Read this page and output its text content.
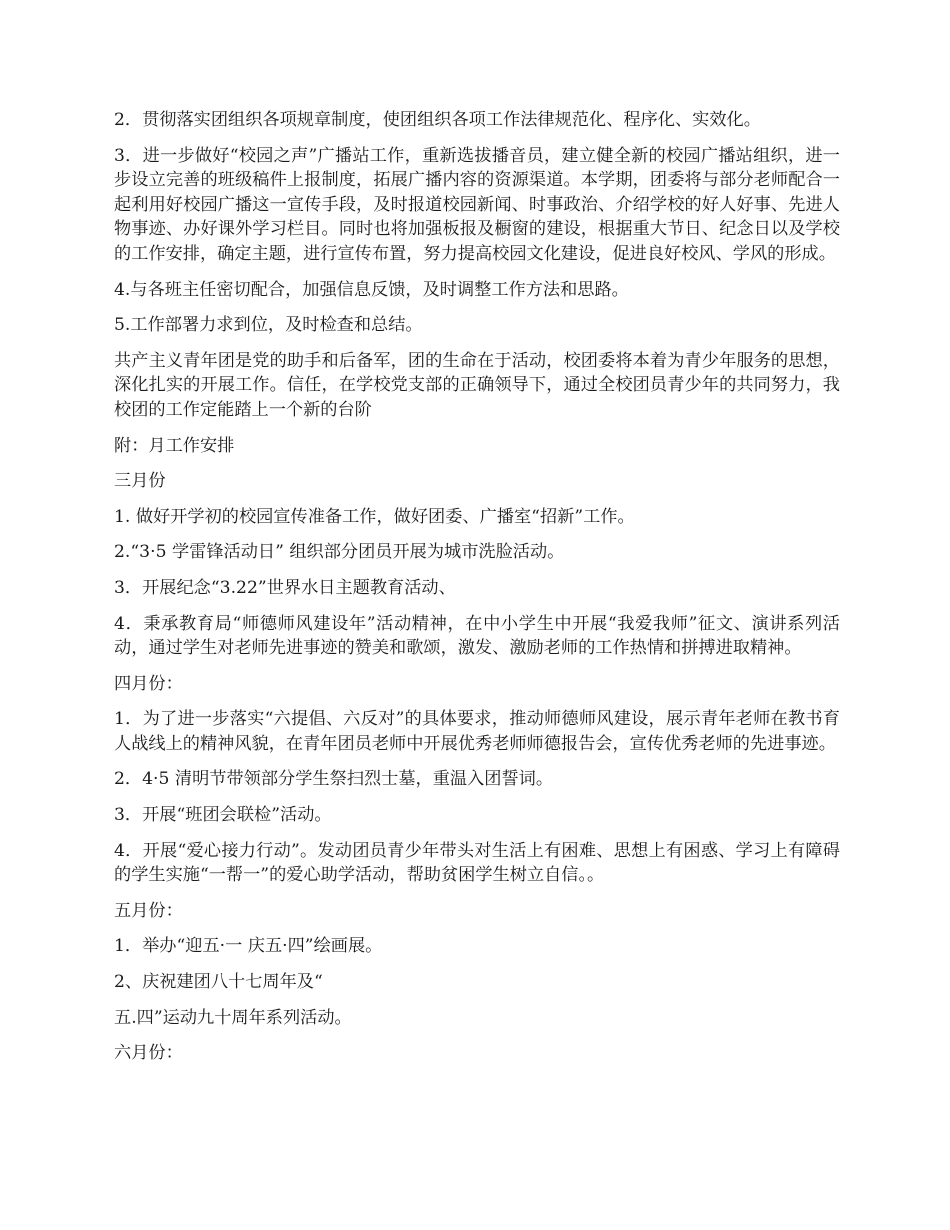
2．贯彻落实团组织各项规章制度，使团组织各项工作法律规范化、程序化、实效化。

3．进一步做好“校园之声”广播站工作，重新选拔播音员，建立健全新的校园广播站组织，进一步设立完善的班级稿件上报制度，拓展广播内容的资源渠道。本学期，团委将与部分老师配合一起利用好校园广播这一宣传手段，及时报道校园新闻、时事政治、介绍学校的好人好事、先进人物事迹、办好课外学习栏目。同时也将加强板报及橱窗的建设，根据重大节日、纪念日以及学校的工作安排，确定主题，进行宣传布置，努力提高校园文化建设，促进良好校风、学风的形成。

4.与各班主任密切配合，加强信息反馈，及时调整工作方法和思路。

5.工作部署力求到位，及时检查和总结。

共产主义青年团是党的助手和后备军，团的生命在于活动，校团委将本着为青少年服务的思想，深化扎实的开展工作。信任，在学校党支部的正确领导下，通过全校团员青少年的共同努力，我校团的工作定能踏上一个新的台阶

附：月工作安排

三月份

1. 做好开学初的校园宣传准备工作，做好团委、广播室“招新”工作。

2.“3·5 学雷锋活动日” 组织部分团员开展为城市洗脸活动。

3．开展纪念“3.22”世界水日主题教育活动、

4．秉承教育局“师德师风建设年”活动精神，在中小学生中开展“我爱我师”征文、演讲系列活动，通过学生对老师先进事迹的赞美和歌颂，激发、激励老师的工作热情和拼搏进取精神。

四月份：

1．为了进一步落实“六提倡、六反对”的具体要求，推动师德师风建设，展示青年老师在教书育人战线上的精神风貌，在青年团员老师中开展优秀老师师德报告会，宣传优秀老师的先进事迹。

2．4·5 清明节带领部分学生祭扫烈士墓，重温入团誓词。

3．开展“班团会联检”活动。

4．开展“爱心接力行动”。发动团员青少年带头对生活上有困难、思想上有困惑、学习上有障碍的学生实施“一帮一”的爱心助学活动，帮助贫困学生树立自信。。

五月份：

1．举办“迎五·一 庆五·四”绘画展。

2、庆祝建团八十七周年及“

五.四”运动九十周年系列活动。

六月份：
